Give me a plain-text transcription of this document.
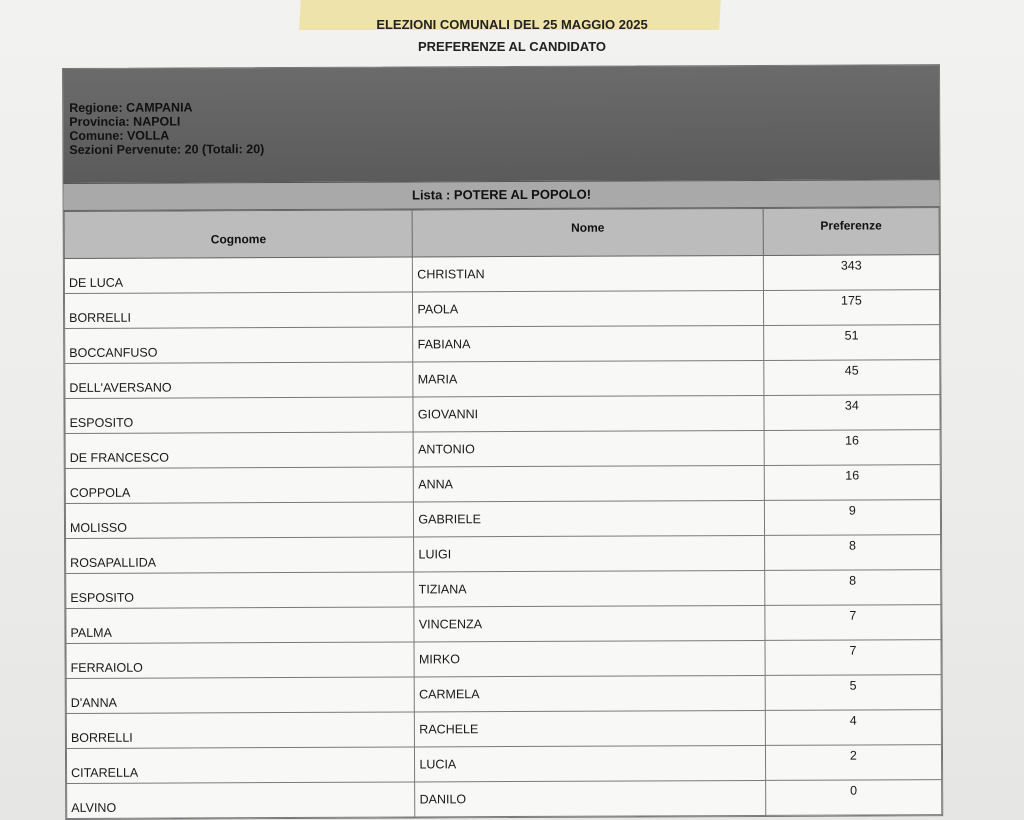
ELEZIONI COMUNALI DEL 25 MAGGIO 2025
PREFERENZE AL CANDIDATO
Regione: CAMPANIA
Provincia: NAPOLI
Comune: VOLLA
Sezioni Pervenute: 20 (Totali: 20)
Lista : POTERE AL POPOLO!
Cognome	Nome	Preferenze
DE LUCA	CHRISTIAN	343
BORRELLI	PAOLA	175
BOCCANFUSO	FABIANA	51
DELL'AVERSANO	MARIA	45
ESPOSITO	GIOVANNI	34
DE FRANCESCO	ANTONIO	16
COPPOLA	ANNA	16
MOLISSO	GABRIELE	9
ROSAPALLIDA	LUIGI	8
ESPOSITO	TIZIANA	8
PALMA	VINCENZA	7
FERRAIOLO	MIRKO	7
D'ANNA	CARMELA	5
BORRELLI	RACHELE	4
CITARELLA	LUCIA	2
ALVINO	DANILO	0
